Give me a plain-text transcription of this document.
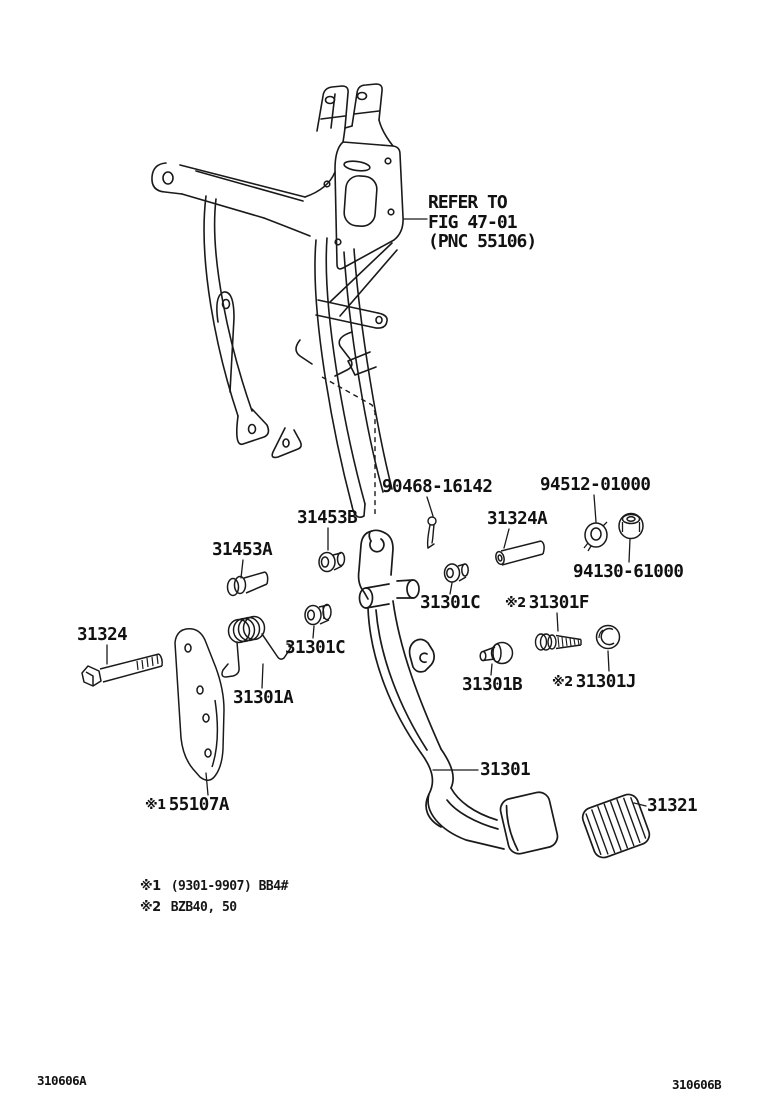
REFER TO
FIG 47-01
(PNC 55106)
90468-16142	94512-01000
31453B	31324A
94130-61000
31453A
31301C ※2 31301F
31301C
31324
31301A
31301B ※2 31301J
31301
※1 55107A	31321
※1 (9301-9907) BB4#
※2 BZB40, 50
310606A	310606B
